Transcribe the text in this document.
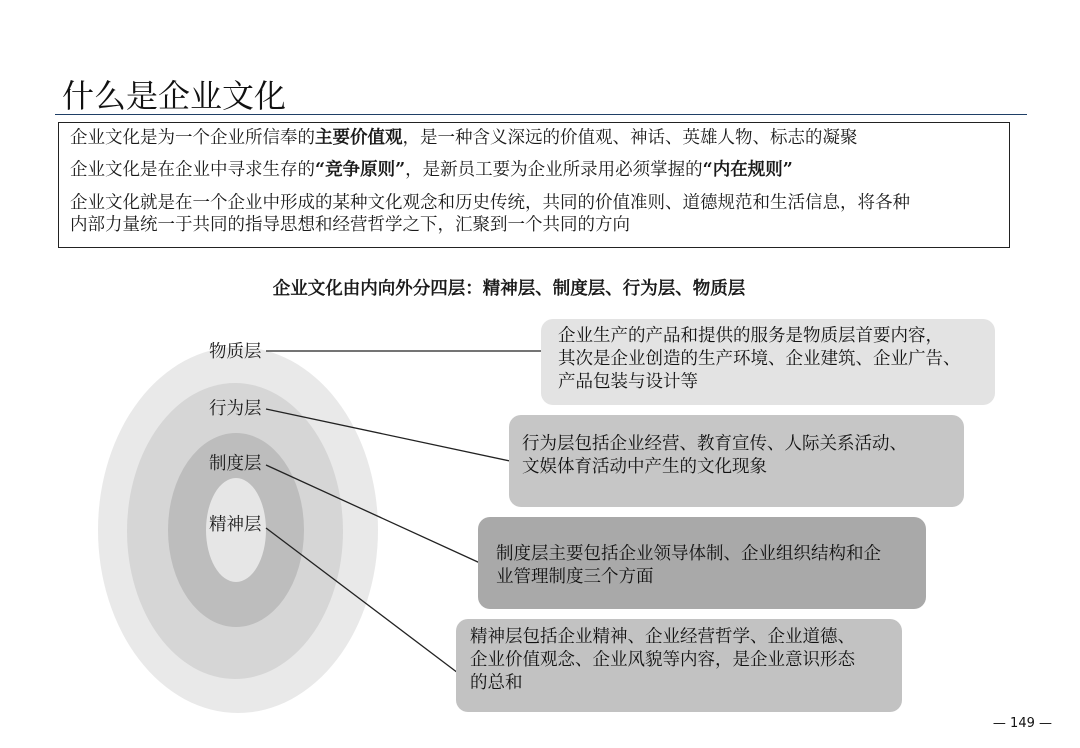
什么是企业文化
企业文化是为一个企业所信奉的主要价值观，是一种含义深远的价值观、神话、英雄人物、标志的凝聚
企业文化是在企业中寻求生存的“竞争原则”，是新员工要为企业所录用必须掌握的“内在规则”
企业文化就是在一个企业中形成的某种文化观念和历史传统，共同的价值准则、道德规范和生活信息，将各种
内部力量统一于共同的指导思想和经营哲学之下，汇聚到一个共同的方向
企业文化由内向外分四层：精神层、制度层、行为层、物质层
物质层
行为层
制度层
精神层
企业生产的产品和提供的服务是物质层首要内容，
其次是企业创造的生产环境、企业建筑、企业广告、
产品包装与设计等
行为层包括企业经营、教育宣传、人际关系活动、
文娱体育活动中产生的文化现象
制度层主要包括企业领导体制、企业组织结构和企
业管理制度三个方面
精神层包括企业精神、企业经营哲学、企业道德、
企业价值观念、企业风貌等内容，是企业意识形态
的总和
— 149 —
